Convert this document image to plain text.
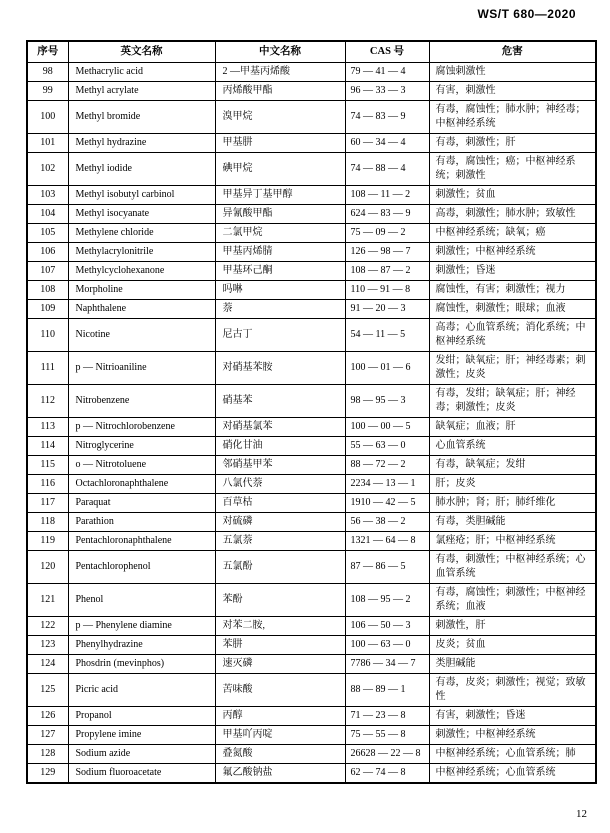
WS/T 680—2020
序号	英文名称	中文名称	CAS 号	危害
98	Methacrylic acid	2 —甲基丙烯酸	79 — 41 — 4	腐蚀刺激性
99	Methyl acrylate	丙烯酸甲酯	96 — 33 — 3	有害，刺激性
100	Methyl bromide	溴甲烷	74 — 83 — 9	有毒，腐蚀性；肺水肿；神经毒；中枢神经系统
101	Methyl hydrazine	甲基肼	60 — 34 — 4	有毒，刺激性；肝
102	Methyl iodide	碘甲烷	74 — 88 — 4	有毒，腐蚀性；癌；中枢神经系统；刺激性
103	Methyl isobutyl carbinol	甲基异丁基甲醇	108 — 11 — 2	刺激性；贫血
104	Methyl isocyanate	异氰酸甲酯	624 — 83 — 9	高毒，刺激性；肺水肿；致敏性
105	Methylene chloride	二氯甲烷	75 — 09 — 2	中枢神经系统；缺氧；癌
106	Methylacrylonitrile	甲基丙烯腈	126 — 98 — 7	刺激性；中枢神经系统
107	Methylcyclohexanone	甲基环己酮	108 — 87 — 2	刺激性；昏迷
108	Morpholine	吗啉	110 — 91 — 8	腐蚀性，有害；刺激性；视力
109	Naphthalene	萘	91 — 20 — 3	腐蚀性，刺激性；眼球；血液
110	Nicotine	尼古丁	54 — 11 — 5	高毒；心血管系统；消化系统；中枢神经系统
111	p — Nitrioaniline	对硝基苯胺	100 — 01 — 6	发绀；缺氧症；肝；神经毒素；刺激性；皮炎
112	Nitrobenzene	硝基苯	98 — 95 — 3	有毒，发绀；缺氧症；肝；神经毒；刺激性；皮炎
113	p — Nitrochlorobenzene	对硝基氯苯	100 — 00 — 5	缺氧症；血液；肝
114	Nitroglycerine	硝化甘油	55 — 63 — 0	心血管系统
115	o — Nitrotoluene	邻硝基甲苯	88 — 72 — 2	有毒，缺氧症；发绀
116	Octachloronaphthalene	八氯代萘	2234 — 13 — 1	肝；皮炎
117	Paraquat	百草枯	1910 — 42 — 5	肺水肿；肾；肝；肺纤维化
118	Parathion	对硫磷	56 — 38 — 2	有毒，类胆碱能
119	Pentachloronaphthalene	五氯萘	1321 — 64 — 8	氯痤疮；肝；中枢神经系统
120	Pentachlorophenol	五氯酚	87 — 86 — 5	有毒，刺激性；中枢神经系统；心血管系统
121	Phenol	苯酚	108 — 95 — 2	有毒，腐蚀性；刺激性；中枢神经系统；血液
122	p — Phenylene diamine	对苯二胺,	106 — 50 — 3	刺激性，肝
123	Phenylhydrazine	苯肼	100 — 63 — 0	皮炎；贫血
124	Phosdrin (mevinphos)	速灭磷	7786 — 34 — 7	类胆碱能
125	Picric acid	苦味酸	88 — 89 — 1	有毒，皮炎；刺激性；视觉；致敏性
126	Propanol	丙醇	71 — 23 — 8	有害，刺激性；昏迷
127	Propylene imine	甲基吖丙啶	75 — 55 — 8	刺激性；中枢神经系统
128	Sodium azide	叠氮酸	26628 — 22 — 8	中枢神经系统；心血管系统；肺
129	Sodium fluoroacetate	氟乙酸钠盐	62 — 74 — 8	中枢神经系统；心血管系统
12
